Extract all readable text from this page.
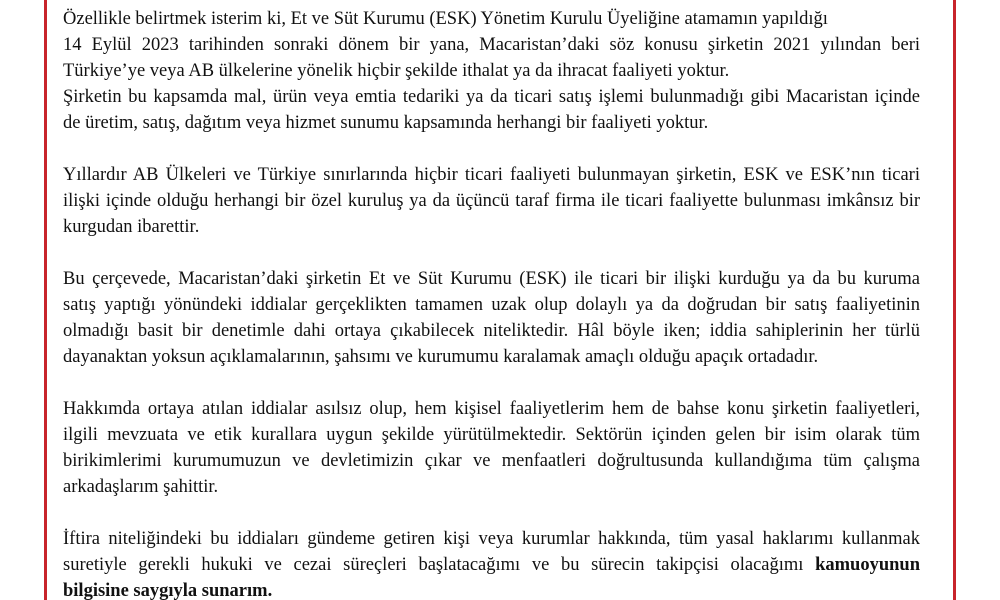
Özellikle belirtmek isterim ki, Et ve Süt Kurumu (ESK) Yönetim Kurulu Üyeliğine atamamın yapıldığı
14 Eylül 2023 tarihinden sonraki dönem bir yana, Macaristan’daki söz konusu şirketin 2021 yılından beri
Türkiye’ye veya AB ülkelerine yönelik hiçbir şekilde ithalat ya da ihracat faaliyeti yoktur.
Şirketin bu kapsamda mal, ürün veya emtia tedariki ya da ticari satış işlemi bulunmadığı gibi Macaristan içinde
de üretim, satış, dağıtım veya hizmet sunumu kapsamında herhangi bir faaliyeti yoktur.
Yıllardır AB Ülkeleri ve Türkiye sınırlarında hiçbir ticari faaliyeti bulunmayan şirketin, ESK ve ESK’nın ticari
ilişki içinde olduğu herhangi bir özel kuruluş ya da üçüncü taraf firma ile ticari faaliyette bulunması imkânsız bir
kurgudan ibarettir.
Bu çerçevede, Macaristan’daki şirketin Et ve Süt Kurumu (ESK) ile ticari bir ilişki kurduğu ya da bu kuruma
satış yaptığı yönündeki iddialar gerçeklikten tamamen uzak olup dolaylı ya da doğrudan bir satış faaliyetinin
olmadığı basit bir denetimle dahi ortaya çıkabilecek niteliktedir. Hâl böyle iken; iddia sahiplerinin her türlü
dayanaktan yoksun açıklamalarının, şahsımı ve kurumumu karalamak amaçlı olduğu apaçık ortadadır.
Hakkımda ortaya atılan iddialar asılsız olup, hem kişisel faaliyetlerim hem de bahse konu şirketin faaliyetleri,
ilgili mevzuata ve etik kurallara uygun şekilde yürütülmektedir. Sektörün içinden gelen bir isim olarak tüm
birikimlerimi kurumumuzun ve devletimizin çıkar ve menfaatleri doğrultusunda kullandığıma tüm çalışma
arkadaşlarım şahittir.
İftira niteliğindeki bu iddiaları gündeme getiren kişi veya kurumlar hakkında, tüm yasal haklarımı kullanmak
suretiyle gerekli hukuki ve cezai süreçleri başlatacağımı ve bu sürecin takipçisi olacağımı kamuoyunun
bilgisine saygıyla sunarım.
